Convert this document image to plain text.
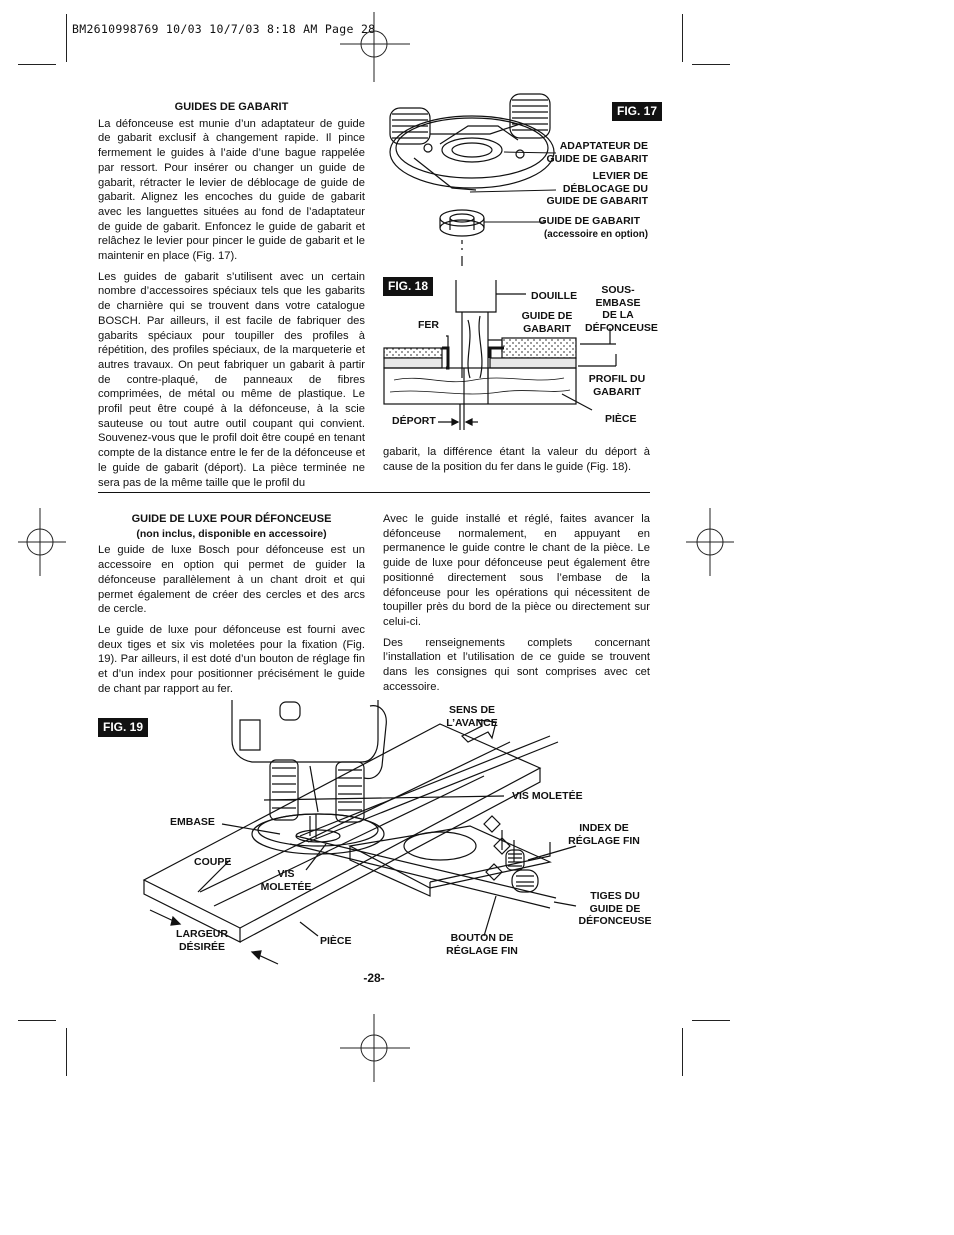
BM2610998769 10/03 10/7/03 8:18 AM Page 28
GUIDES DE GABARIT

La défonceuse est munie d’un adaptateur de guide de gabarit exclusif à changement rapide. Il pince fermement le guides à l’aide d’une bague rappelée par ressort. Pour insérer ou changer un guide de gabarit, rétracter le levier de déblocage de guide de gabarit. Alignez les encoches du guide de gabarit avec les languettes situées au fond de l’adaptateur de guide de gabarit. Enfoncez le guide de gabarit et relâchez le levier pour pincer le guide de gabarit et le maintenir en place (Fig. 17).

Les guides de gabarit s’utilisent avec un certain nombre d’accessoires spéciaux tels que les gabarits de charnière qui se trouvent dans votre catalogue BOSCH. Par ailleurs, il est facile de fabriquer des gabarits spéciaux pour toupiller des profiles à répétition, des profiles spéciaux, de la marqueterie et autres travaux. On peut fabriquer un gabarit à partir de contre-plaqué, de panneaux de fibres comprimées, de métal ou même de plastique. Le profil peut être coupé à la défonceuse, à la scie sauteuse ou tout autre outil coupant qui convient. Souvenez-vous que le profil doit être coupé en tenant compte de la distance entre le fer de la défonceuse et le guide de gabarit (déport). La pièce terminée ne sera pas de la même taille que le profil du

gabarit, la différence étant la valeur du déport à cause de la position du fer dans le guide (Fig. 18).

FIG. 17
ADAPTATEUR DE
GUIDE DE GABARIT
LEVIER DE
DÉBLOCAGE DU
GUIDE DE GABARIT
GUIDE DE GABARIT
(accessoire en option)
FIG. 18
DOUILLE	SOUS-
EMBASE
DE LA
DÉFONCEUSE
FER
GUIDE DE
GABARIT
PROFIL DU
GABARIT
DÉPORT	PIÈCE
GUIDE DE LUXE POUR DÉFONCEUSE
(non inclus, disponible en accessoire)

Le guide de luxe Bosch pour défonceuse est un accessoire en option qui permet de guider la défonceuse parallèlement à un chant droit et qui permet également de créer des cercles et des arcs de cercle.

Le guide de luxe pour défonceuse est fourni avec deux tiges et six vis moletées pour la fixation (Fig. 19). Par ailleurs, il est doté d’un bouton de réglage fin et d’un index pour positionner précisément le guide de chant par rapport au fer.

Avec le guide installé et réglé, faites avancer la défonceuse normalement, en appuyant en permanence le guide contre le chant de la pièce. Le guide de luxe pour défonceuse peut également être positionné directement sous l’embase de la défonceuse pour les opérations qui nécessitent de toupiller près du bord de la pièce ou directement sur celui-ci.

Des renseignements complets concernant l’installation et l’utilisation de ce guide se trouvent dans les consignes qui sont comprises avec cet accessoire.

FIG. 19
SENS DE
L’AVANCE
VIS MOLETÉE
EMBASE	INDEX DE
RÉGLAGE FIN
COUPE
VIS
MOLETÉE
TIGES DU
GUIDE DE
DÉFONCEUSE
LARGEUR
DÉSIRÉE	PIÈCE	BOUTON DE
RÉGLAGE FIN
-28-
